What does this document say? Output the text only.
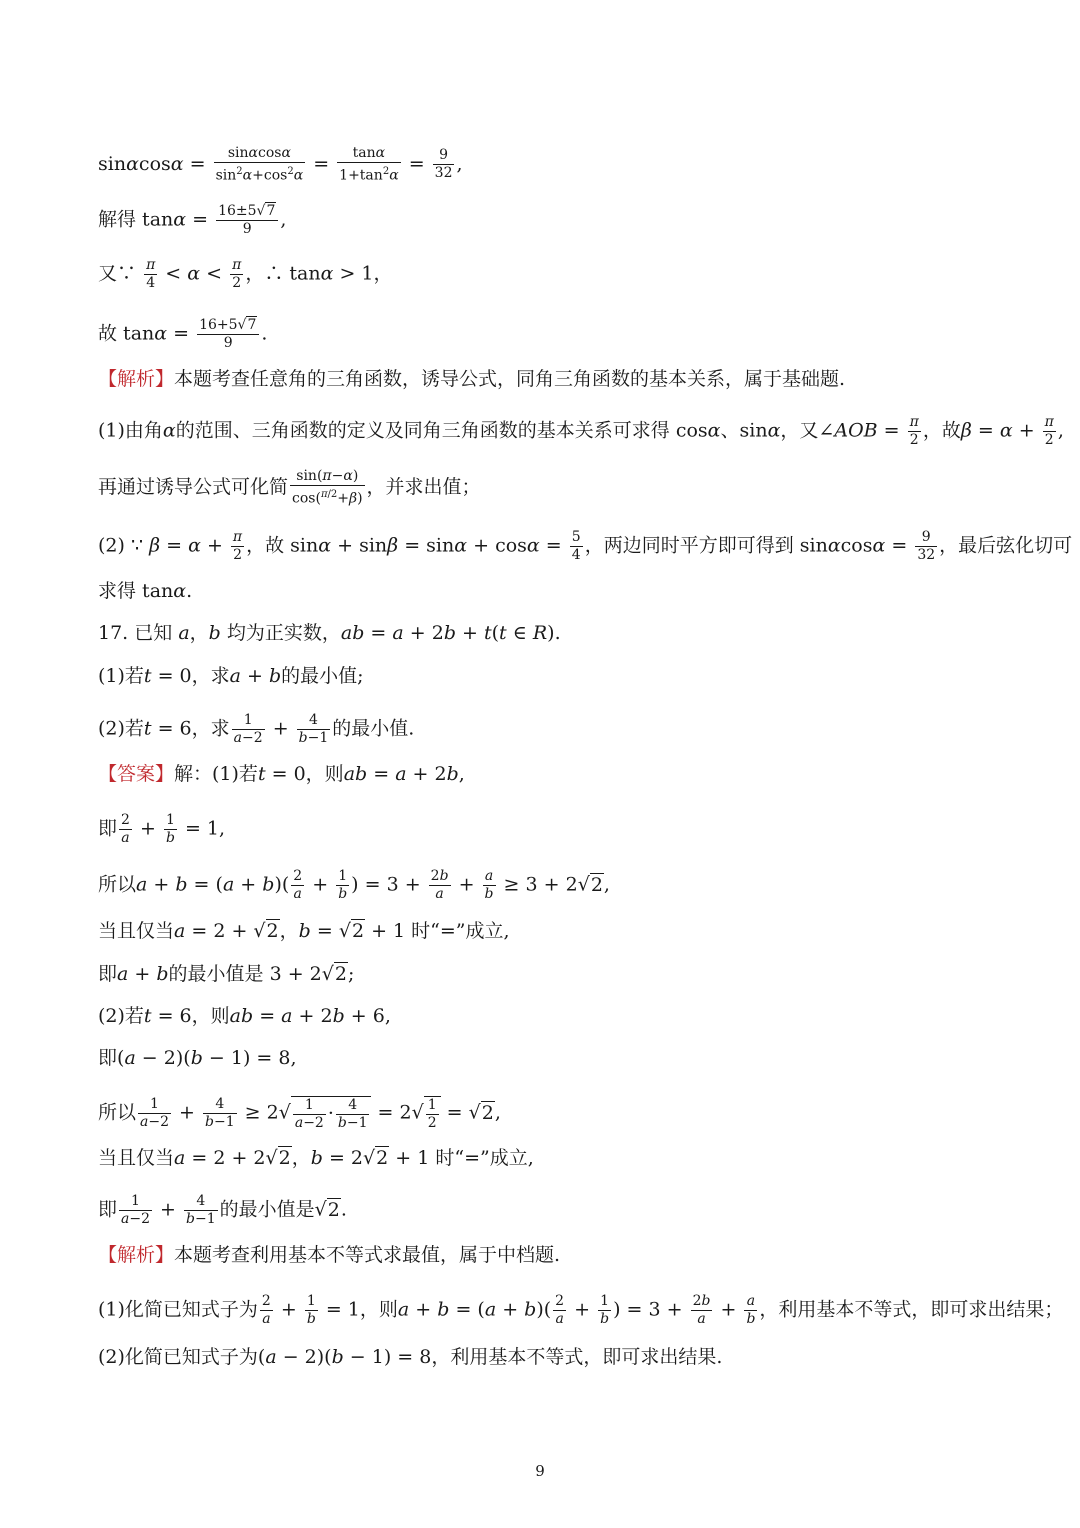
$\sin\alpha\cos\alpha = \frac{\sin\alpha\cos\alpha}{\sin^2\alpha+\cos^2\alpha} = \frac{\tan\alpha}{1+\tan^2\alpha} = \frac{9}{32}$ ,
解得 $\tan\alpha = \frac{16\pm 5√7}{9}$ ,
又∵ $\frac{\pi}{4} < \alpha < \frac{\pi}{2}$ ，∴ tanα > 1，
故 $\tan\alpha = \frac{16+5√7}{9}$ .
【解析】本题考查任意角的三角函数，诱导公式，同角三角函数的基本关系，属于基础题.
(1)由角α的范围、三角函数的定义及同角三角函数的基本关系可求得 cosα、sinα，又∠AOB = $\frac{\pi}{2}$ ，故$\beta = \alpha + \frac{\pi}{2}$ ,
再通过诱导公式可化简 $\frac{\sin(\pi-\alpha)}{\cos(^{\pi/2}+\beta)}$ ，并求出值；
(2) ∵ $\beta = \alpha + \frac{\pi}{2}$ ，故 $\sin\alpha + \sin\beta = \sin\alpha + \cos\alpha = \frac{5}{4}$ ，两边同时平方即可得到 $\sin\alpha\cos\alpha = \frac{9}{32}$ ，最后弦化切可
求得 tanα.
17. 已知 a，b 均为正实数，ab = a + 2b + t(t ∈ R).
(1)若t = 0，求a + b的最小值;
(2)若t = 6，求 $\frac{1}{a-2} + \frac{4}{b-1}$ 的最小值.
【答案】解：(1)若t = 0，则ab = a + 2b,
即 $\frac{2}{a} + \frac{1}{b} = 1$,
所以$a + b = (a + b)( \frac{2}{a} + \frac{1}{b}$ ) = $3 + \frac{2b}{a} + \frac{a}{b} \ge 3 + 2√2$,
当且仅当a = 2 + √2，b = √2 + 1 时“=”成立,
即a + b的最小值是 3 + 2√2;
(2)若t = 6，则ab = a + 2b + 6,
即(a − 2)(b − 1) = 8,
所以 $\frac{1}{a-2} + \frac{4}{b-1} \ge 2√ \frac{1}{a-2} \cdot \frac{4}{b-1} = 2√ \frac{1}{2} = √2$,
当且仅当a = 2 + 2√2，b = 2√2 + 1 时“=”成立,
即 $\frac{1}{a-2} + \frac{4}{b-1}$ 的最小值是√2.
【解析】本题考查利用基本不等式求最值，属于中档题.
(1)化简已知式子为 $\frac{2}{a} + \frac{1}{b} = 1$，则$a + b = (a + b)( \frac{2}{a} + \frac{1}{b}$ ) = $3 + \frac{2b}{a} + \frac{a}{b}$ ，利用基本不等式，即可求出结果；
(2)化简已知式子为(a − 2)(b − 1) = 8，利用基本不等式，即可求出结果.
9
